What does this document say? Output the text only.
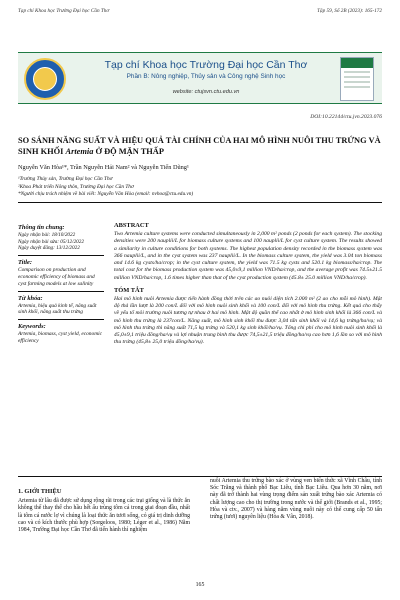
Tạp chí Khoa học Trường Đại học Cần Thơ	Tập 59, Số 2B (2023): 165-172
Tạp chí Khoa học Trường Đại học Cần Thơ
Phần B: Nông nghiệp, Thủy sản và Công nghệ Sinh học
website: ctujsvn.ctu.edu.vn
DOI:10.22144/ctu.jvn.2023.076
SO SÁNH NĂNG SUẤT VÀ HIỆU QUẢ TÀI CHÍNH CỦA HAI MÔ HÌNH NUÔI THU TRỨNG VÀ SINH KHỐI Artemia Ở ĐỘ MẶN THẤP
Nguyễn Văn Hòa¹*, Trần Nguyễn Hải Nam² và Nguyễn Tiến Dũng¹
¹Trường Thủy sản, Trường Đại học Cần Thơ
²Khoa Phát triển Nông thôn, Trường Đại học Cần Thơ
*Người chịu trách nhiệm về bài viết: Nguyễn Văn Hòa (email: nvhoa@ctu.edu.vn)
Thông tin chung:
Ngày nhận bài: 18/10/2022
Ngày nhận bài sửa: 05/12/2022
Ngày duyệt đăng: 13/12/2022
Title:
Comparison on production and economic efficiency of biomass and cyst farming models at low salinity
Từ khóa:
Artemia, hiệu quả kinh tế, năng suất sinh khối, năng suất thu trứng
Keywords:
Artemia, biomass, cyst yield, economic efficiency
ABSTRACT
Two Artemia culture systems were conducted simultaneously in 2,000 m² ponds (2 ponds for each system). The stocking densities were 200 nauplii/L for biomass culture systems and 100 nauplii/L for cyst culture system. The results showed a similarity in culture conditions for both systems. The highest population density recorded in the biomass system was 366 nauplii/L, and in the cyst system was 237 nauplii/L. In the biomass culture system, the yield was 3.04 ton biomass and 14.6 kg cysts/ha/crop; in the cyst culture system, the yield was 71.5 kg cysts and 520.1 kg biomass/ha/crop. The total cost for the biomass production system was 45,0±9,1 million VND/ha/crop, and the average profit was 74.5±21.5 million VND/ha/crop, 1.6 times higher than that of the cyst production system (45.8± 25.0 million VND/ha/crop).
TÓM TẮT
Hai mô hình nuôi Artemia được tiến hành đồng thời trên các ao nuôi diện tích 2.000 m² (2 ao cho mỗi mô hình). Mật độ thả lần lượt là 200 con/L đối với mô hình nuôi sinh khối và 100 con/L đối với mô hình thu trứng. Kết quả cho thấy về yếu tố môi trường nuôi tương tự nhau ở hai mô hình. Mật độ quần thể cao nhất ở mô hình sinh khối là 366 con/L và mô hình thu trứng là 237con/L. Năng suất, mô hình sinh khối thu được 3,04 tấn sinh khối và 14,6 kg trứng/ha/vụ; và mô hình thu trứng thì năng suất 71,5 kg trứng và 520,1 kg sinh khối/ha/vụ. Tổng chi phí cho mô hình nuôi sinh khối là 45,0±9,1 triệu đồng/ha/vụ và lợi nhuận trung bình thu được 74,5±21,5 triệu đồng/ha/vụ cao hơn 1,6 lần so với mô hình thu trứng (45,8± 25,0 triệu đồng/ha/vụ).
1. GIỚI THIỆU
Artemia từ lâu đã được sử dụng rộng rãi trong các trại giống và là thức ăn không thể thay thế cho hầu hết ấu trùng tôm cá trong giai đoạn đầu, nhất là tôm cá nước lợ vì chúng là loại thức ăn tươi sống, có giá trị dinh dưỡng cao và có kích thước phù hợp (Sorgeloos, 1980; Léger et al., 1986) Năm 1984, Trường Đại học Cần Thơ đã tiến hành thí nghiệm
nuôi Artemia thu trứng bào xác ở vùng ven biển thức xã Vĩnh Châu, tỉnh Sóc Trăng và thành phố Bạc Liêu, tỉnh Bạc Liêu. Qua hơn 30 năm, nơi này đã trở thành hai vùng trọng điểm sản xuất trứng bào xác Artemia có chất lượng cao cho thị trường trong nước và thế giới (Brands et al., 1995; Hòa và ctv., 2007) và hàng năm vùng nuôi này có thể cung cấp 50 tấn trứng (tươi) nguyên liệu (Hòa & Vân, 2018).
165
